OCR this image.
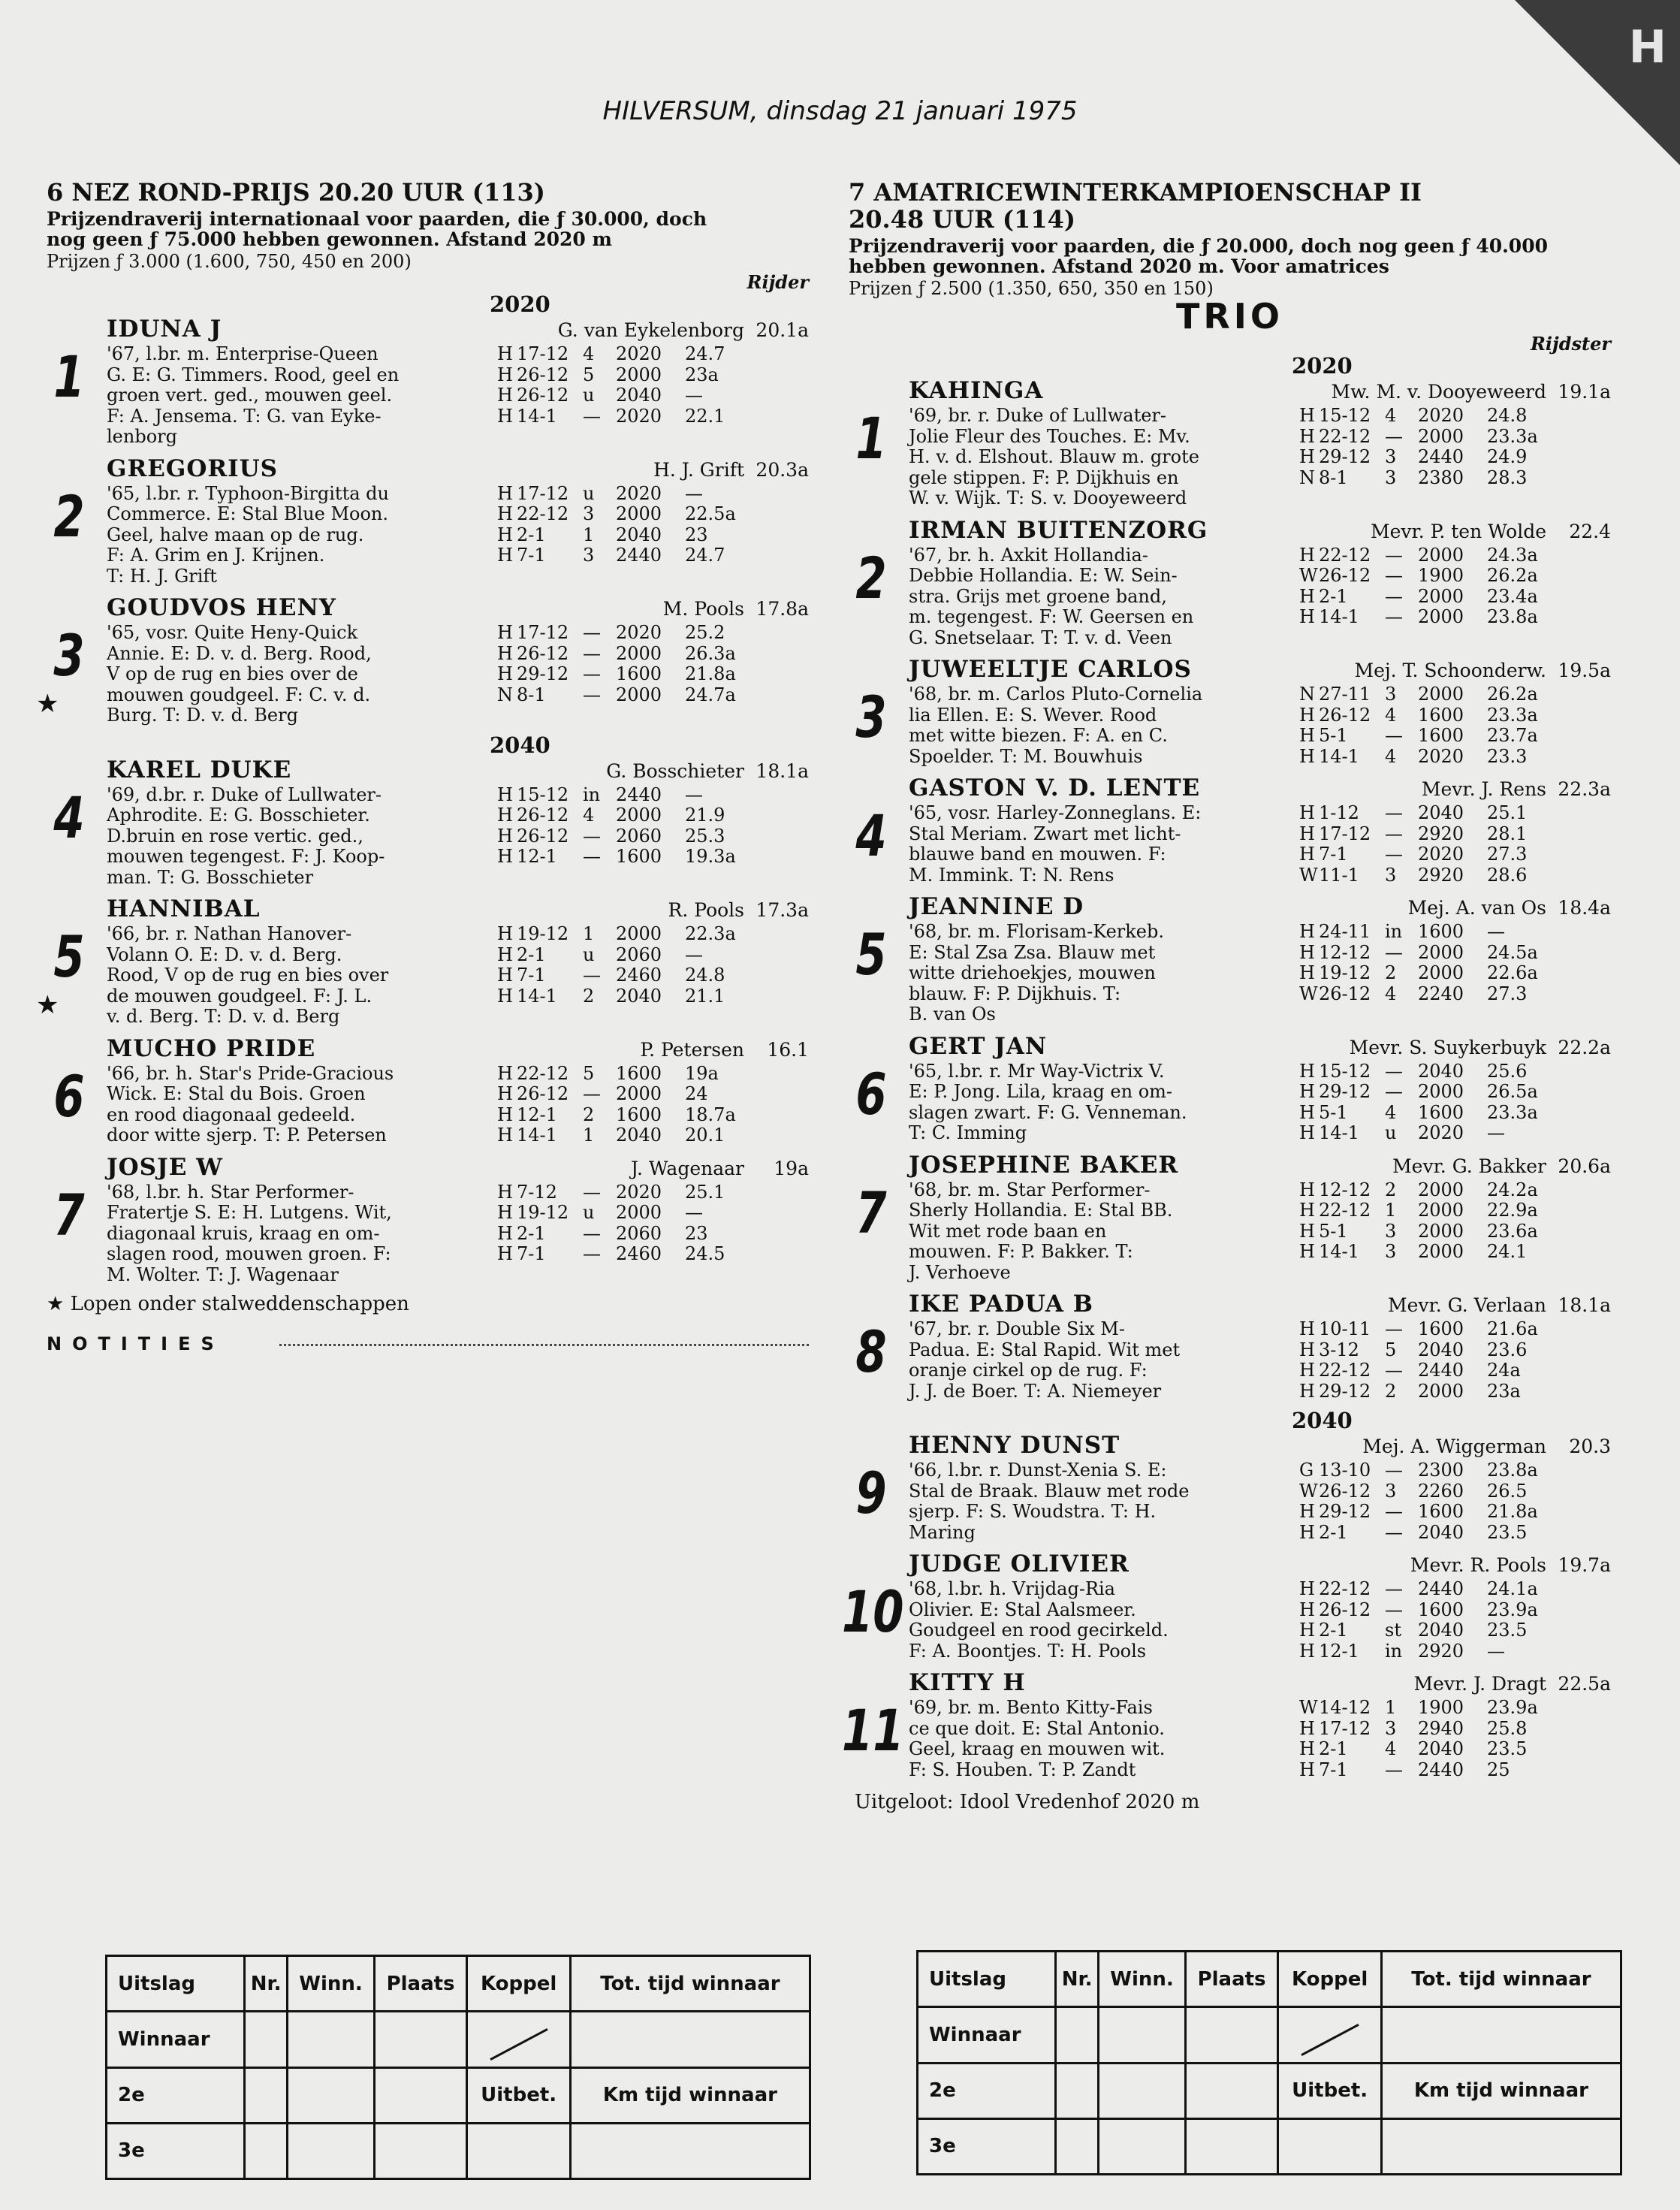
H
HILVERSUM, dinsdag 21 januari 1975
6 NEZ ROND-PRIJS 20.20 UUR (113)
Prijzendraverij internationaal voor paarden, die ƒ 30.000, doch
nog geen ƒ 75.000 hebben gewonnen. Afstand 2020 m
Prijzen ƒ 3.000 (1.600, 750, 450 en 200)
Rijder
2020
1
IDUNA J	G. van Eykelenborg 20.1a
'67, l.br. m. Enterprise-Queen
G. E: G. Timmers. Rood, geel en
groen vert. ged., mouwen geel.
F: A. Jensema. T: G. van Eyke-
lenborg
H 17-12 4	2020	24.7
H 26-12 5	2000	23a
H 26-12 u	2040	—
H 14-1	— 2020	22.1
2
GREGORIUS	H. J. Grift 20.3a
'65, l.br. r. Typhoon-Birgitta du
Commerce. E: Stal Blue Moon.
Geel, halve maan op de rug.
F: A. Grim en J. Krijnen.
T: H. J. Grift
H 17-12 u	2020	—
H 22-12 3	2000	22.5a
H 2-1	1	2040	23
H 7-1	3	2440	24.7
3
★
GOUDVOS HENY	M. Pools 17.8a
'65, vosr. Quite Heny-Quick
Annie. E: D. v. d. Berg. Rood,
V op de rug en bies over de
mouwen goudgeel. F: C. v. d.
Burg. T: D. v. d. Berg
H 17-12 — 2020	25.2
H 26-12 — 2000	26.3a
H 29-12 — 1600	21.8a
N 8-1	— 2000	24.7a
2040
4
KAREL DUKE	G. Bosschieter 18.1a
'69, d.br. r. Duke of Lullwater-
Aphrodite. E: G. Bosschieter.
D.bruin en rose vertic. ged.,
mouwen tegengest. F: J. Koop-
man. T: G. Bosschieter
H 15-12 in 2440	—
H 26-12 4	2000	21.9
H 26-12 — 2060	25.3
H 12-1	— 1600	19.3a
5
★
HANNIBAL	R. Pools 17.3a
'66, br. r. Nathan Hanover-
Volann O. E: D. v. d. Berg.
Rood, V op de rug en bies over
de mouwen goudgeel. F: J. L.
v. d. Berg. T: D. v. d. Berg
H 19-12 1	2000	22.3a
H 2-1	u	2060	—
H 7-1	— 2460	24.8
H 14-1	2	2040	21.1
6
MUCHO PRIDE	P. Petersen	16.1
'66, br. h. Star's Pride-Gracious
Wick. E: Stal du Bois. Groen
en rood diagonaal gedeeld.
door witte sjerp. T: P. Petersen
H 22-12 5	1600	19a
H 26-12 — 2000	24
H 12-1	2	1600	18.7a
H 14-1	1	2040	20.1
7
JOSJE W	J. Wagenaar	19a
'68, l.br. h. Star Performer-
Fratertje S. E: H. Lutgens. Wit,
diagonaal kruis, kraag en om-
slagen rood, mouwen groen. F:
M. Wolter. T: J. Wagenaar
H 7-12	— 2020	25.1
H 19-12 u	2000	—
H 2-1	— 2060	23
H 7-1	— 2460	24.5
★ Lopen onder stalweddenschappen
NOTITIES
7 AMATRICEWINTERKAMPIOENSCHAP II
20.48 UUR (114)
Prijzendraverij voor paarden, die ƒ 20.000, doch nog geen ƒ 40.000
hebben gewonnen. Afstand 2020 m. Voor amatrices
Prijzen ƒ 2.500 (1.350, 650, 350 en 150)
TRIO
Rijdster
2020
1
KAHINGA	Mw. M. v. Dooyeweerd 19.1a
'69, br. r. Duke of Lullwater-
Jolie Fleur des Touches. E: Mv.
H. v. d. Elshout. Blauw m. grote
gele stippen. F: P. Dijkhuis en
W. v. Wijk. T: S. v. Dooyeweerd
H 15-12 4	2020	24.8
H 22-12 — 2000	23.3a
H 29-12 3	2440	24.9
N 8-1	3	2380	28.3
2
IRMAN BUITENZORG	Mevr. P. ten Wolde	22.4
'67, br. h. Axkit Hollandia-
Debbie Hollandia. E: W. Sein-
stra. Grijs met groene band,
m. tegengest. F: W. Geersen en
G. Snetselaar. T: T. v. d. Veen
H 22-12 — 2000	24.3a
W 26-12 — 1900	26.2a
H 2-1	— 2000	23.4a
H 14-1	— 2000	23.8a
3
JUWEELTJE CARLOS	Mej. T. Schoonderw. 19.5a
'68, br. m. Carlos Pluto-Cornelia
lia Ellen. E: S. Wever. Rood
met witte biezen. F: A. en C.
Spoelder. T: M. Bouwhuis
N 27-11 3	2000	26.2a
H 26-12 4	1600	23.3a
H 5-1	— 1600	23.7a
H 14-1	4	2020	23.3
4
GASTON V. D. LENTE	Mevr. J. Rens 22.3a
'65, vosr. Harley-Zonneglans. E:
Stal Meriam. Zwart met licht-
blauwe band en mouwen. F:
M. Immink. T: N. Rens
H 1-12	— 2040	25.1
H 17-12 — 2920	28.1
H 7-1	— 2020	27.3
W 11-1	3	2920	28.6
5
JEANNINE D	Mej. A. van Os 18.4a
'68, br. m. Florisam-Kerkeb.
E: Stal Zsa Zsa. Blauw met
witte driehoekjes, mouwen
blauw. F: P. Dijkhuis. T:
B. van Os
H 24-11 in 1600	—
H 12-12 — 2000	24.5a
H 19-12 2	2000	22.6a
W 26-12 4	2240	27.3
6
GERT JAN	Mevr. S. Suykerbuyk 22.2a
'65, l.br. r. Mr Way-Victrix V.
E: P. Jong. Lila, kraag en om-
slagen zwart. F: G. Venneman.
T: C. Imming
H 15-12 — 2040	25.6
H 29-12 — 2000	26.5a
H 5-1	4	1600	23.3a
H 14-1	u	2020	—
7
JOSEPHINE BAKER	Mevr. G. Bakker 20.6a
'68, br. m. Star Performer-
Sherly Hollandia. E: Stal BB.
Wit met rode baan en
mouwen. F: P. Bakker. T:
J. Verhoeve
H 12-12 2	2000	24.2a
H 22-12 1	2000	22.9a
H 5-1	3	2000	23.6a
H 14-1	3	2000	24.1
8
IKE PADUA B	Mevr. G. Verlaan 18.1a
'67, br. r. Double Six M-
Padua. E: Stal Rapid. Wit met
oranje cirkel op de rug. F:
J. J. de Boer. T: A. Niemeyer
H 10-11 — 1600	21.6a
H 3-12	5	2040	23.6
H 22-12 — 2440	24a
H 29-12 2	2000	23a
2040
9
HENNY DUNST	Mej. A. Wiggerman	20.3
'66, l.br. r. Dunst-Xenia S. E:
Stal de Braak. Blauw met rode
sjerp. F: S. Woudstra. T: H.
Maring
G 13-10 — 2300	23.8a
W 26-12 3	2260	26.5
H 29-12 — 1600	21.8a
H 2-1	— 2040	23.5
10
JUDGE OLIVIER	Mevr. R. Pools 19.7a
'68, l.br. h. Vrijdag-Ria
Olivier. E: Stal Aalsmeer.
Goudgeel en rood gecirkeld.
F: A. Boontjes. T: H. Pools
H 22-12 — 2440	24.1a
H 26-12 — 1600	23.9a
H 2-1	st 2040	23.5
H 12-1	in 2920	—
11
KITTY H	Mevr. J. Dragt 22.5a
'69, br. m. Bento Kitty-Fais
ce que doit. E: Stal Antonio.
Geel, kraag en mouwen wit.
F: S. Houben. T: P. Zandt
W 14-12 1	1900	23.9a
H 17-12 3	2940	25.8
H 2-1	4	2040	23.5
H 7-1	— 2440	25
Uitgeloot: Idool Vredenhof 2020 m
Uitslag	Nr.	Winn.	Plaats	Koppel	Tot. tijd winnaar
Winnaar					
2e				Uitbet.	Km tijd winnaar
3e					
Uitslag	Nr.	Winn.	Plaats	Koppel	Tot. tijd winnaar
Winnaar					
2e				Uitbet.	Km tijd winnaar
3e					
